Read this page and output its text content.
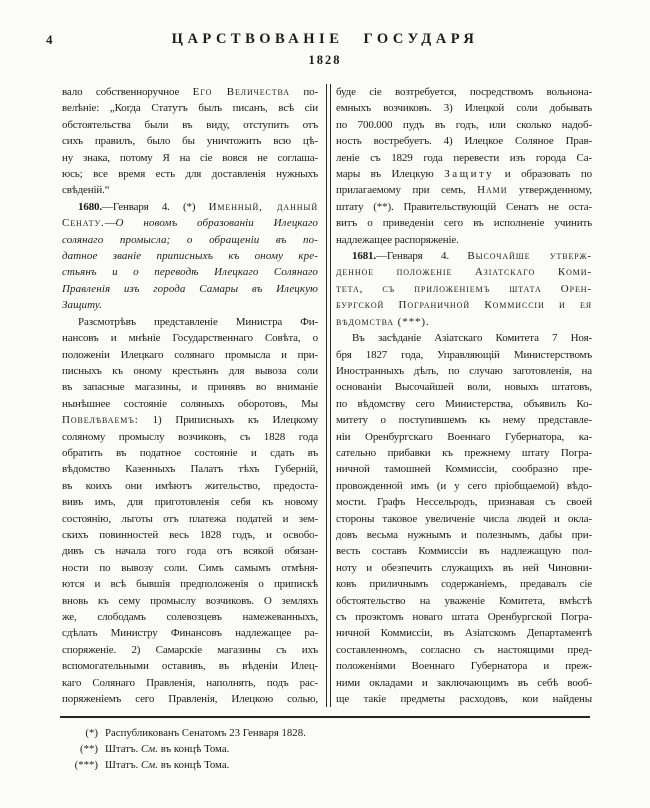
4	ЦАРСТВОВАНІЕ ГОСУДАРЯ
1828
вало собственноручное Его Величества по-
велѣніе: „Когда Статутъ былъ писанъ, всѣ сіи
обстоятельства были въ виду, отступить отъ
сихъ правилъ, было бы уничтожить всю цѣ-
ну знака, потому Я на сіе вовся не соглаша-
юсь; все время есть для доставленія нужныхъ
свѣденій.“
1680.—Генваря 4. (*) Именный, данный
Сенату.—О новомъ образованіи Илецкаго
солянаго промысла; о обращеніи въ по-
датное званіе приписныхъ къ оному кре-
стьянъ и о переводѣ Илецкаго Солянаго
Правленія изъ города Самары въ Илецкую
Защиту.
Разсмотрѣвъ представленіе Министра Фи-
нансовъ и мнѣніе Государственнаго Совѣта, о
положеніи Илецкаго солянаго промысла и при-
писныхъ къ оному крестьянъ для вывоза соли
въ запасные магазины, и принявъ во вниманіе
нынѣшнее состояніе соляныхъ оборотовъ, Мы
Повелѣваемъ: 1) Приписныхъ къ Илецкому
соляному промыслу возчиковъ, съ 1828 года
обратить въ податное состояніе и сдать въ
вѣдомство Казенныхъ Палатъ тѣхъ Губерній,
въ коихъ они имѣютъ жительство, предоста-
вивъ имъ, для приготовленія себя къ новому
состоянію, льготы отъ платежа податей и зем-
скихъ повинностей весь 1828 годъ, и освобо-
дивъ съ начала того года отъ всякой обязан-
ности по вывозу соли. Симъ самымъ отмѣня-
ются и всѣ бывшія предположенія о припискѣ
вновь къ сему промыслу возчиковъ. О земляхъ
же, слободамъ солевозцевъ намежеванныхъ,
сдѣлать Министру Финансовъ надлежащее ра-
споряженіе. 2) Самарскіе магазины съ ихъ
вспомогательными оставивъ, въ вѣденіи Илец-
каго Солянаго Правленія, наполнять, подъ рас-
поряженіемъ сего Правленія, Илецкою солью,
буде сіе возтребуется, посредствомъ вольнона-
емныхъ возчиковъ. 3) Илецкой соли добывать
по 700.000 пудъ въ годъ, или сколько надоб-
ность востребуетъ. 4) Илецкое Соляное Прав-
леніе съ 1829 года перевести изъ города Са-
мары въ Илецкую Защиту и образовать по
прилагаемому при семъ, Нами утвержденному,
штату (**). Правительствующій Сенатъ не оста-
витъ о приведеніи сего въ исполненіе учинить
надлежащее распоряженіе.
1681.—Генваря 4. Высочайше утверж-
денное положеніе Азіатскаго Коми-
тета, съ приложеніемъ штата Орен-
бургской Пограничной Коммиссіи и ея
вѣдомства (***).
Въ засѣданіе Азіатскаго Комитета 7 Ноя-
бря 1827 года, Управляющій Министерствомъ
Иностранныхъ дѣлъ, по случаю заготовленія, на
основаніи Высочайшей воли, новыхъ штатовъ,
по вѣдомству сего Министерства, объявилъ Ко-
митету о поступившемъ къ нему представле-
ніи Оренбургскаго Военнаго Губернатора, ка-
сательно прибавки къ прежнему штату Погра-
ничной тамошней Коммиссіи, сообразно пре-
провожденной имъ (и у сего пріобщаемой) вѣдо-
мости. Графъ Нессельродъ, признавая съ своей
стороны таковое увеличеніе числа людей и окла-
довъ весьма нужнымъ и полезнымъ, дабы при-
весть составъ Коммиссіи въ надлежащую пол-
ноту и обезпечить служащихъ въ ней Чиновни-
ковъ приличнымъ содержаніемъ, предавалъ сіе
обстоятельство на уваженіе Комитета, вмѣстѣ
съ проэктомъ новаго штата Оренбургской Погра-
ничной Коммиссіи, въ Азіатскомъ Департаментѣ
составленномъ, согласно съ настоящими пред-
положеніями Военнаго Губернатора и преж-
ними окладами и заключающимъ въ себѣ вооб-
ще такіе предметы расходовъ, кои найдены
(*) Распубликованъ Сенатомъ 23 Генваря 1828.
(**) Штатъ. См. въ концѣ Тома.
(***) Штатъ. См. въ концѣ Тома.
